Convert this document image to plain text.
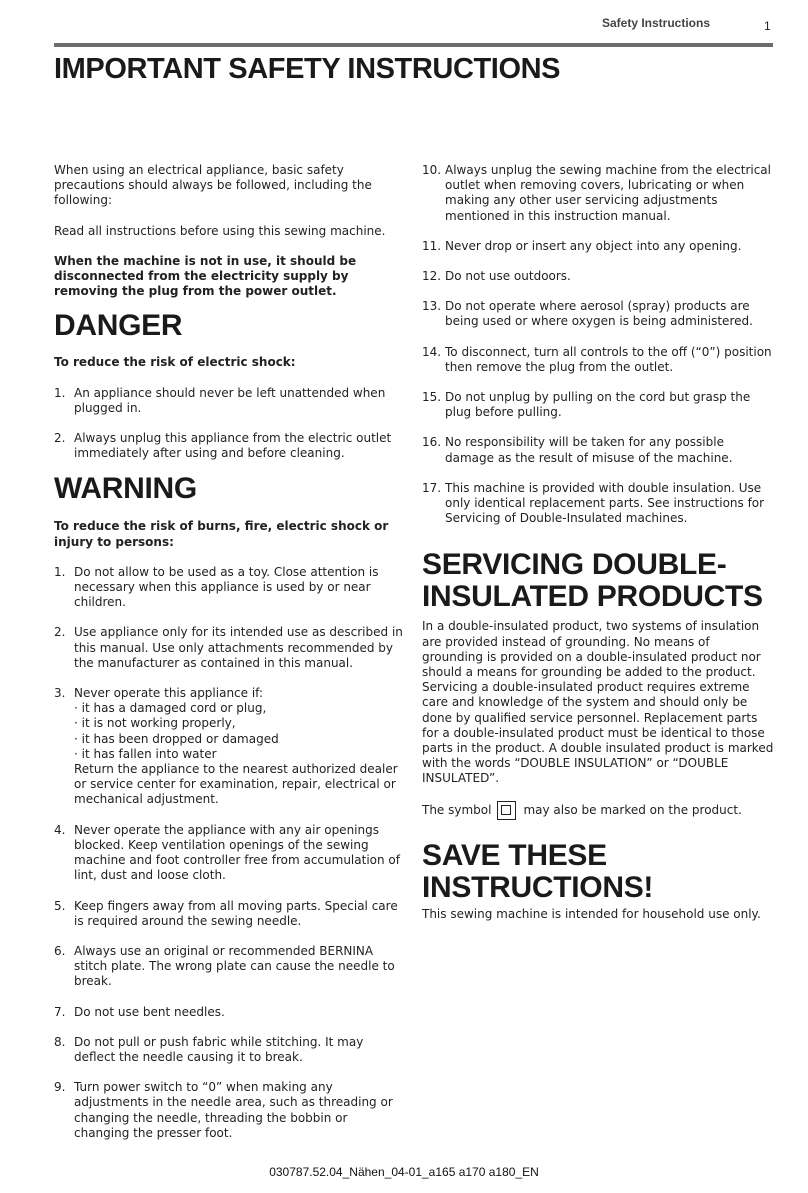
Safety Instructions	1
IMPORTANT SAFETY INSTRUCTIONS

When using an electrical appliance, basic safety precautions should always be followed, including the following:

Read all instructions before using this sewing machine.

When the machine is not in use, it should be disconnected from the electricity supply by removing the plug from the power outlet.

DANGER

To reduce the risk of electric shock:

1. An appliance should never be left unattended when plugged in.
2. Always unplug this appliance from the electric outlet immediately after using and before cleaning.
WARNING

To reduce the risk of burns, fire, electric shock or injury to persons:

1. Do not allow to be used as a toy. Close attention is necessary when this appliance is used by or near children.
2. Use appliance only for its intended use as described in this manual. Use only attachments recommended by the manufacturer as contained in this manual.
3. Never operate this appliance if:
· it has a damaged cord or plug,
· it is not working properly,
· it has been dropped or damaged
· it has fallen into water
Return the appliance to the nearest authorized dealer or service center for examination, repair, electrical or mechanical adjustment.
4. Never operate the appliance with any air openings blocked. Keep ventilation openings of the sewing machine and foot controller free from accumulation of lint, dust and loose cloth.
5. Keep fingers away from all moving parts. Special care is required around the sewing needle.
6. Always use an original or recommended BERNINA stitch plate. The wrong plate can cause the needle to break.
7. Do not use bent needles.
8. Do not pull or push fabric while stitching. It may deflect the needle causing it to break.
9. Turn power switch to “0” when making any adjustments in the needle area, such as threading or changing the needle, threading the bobbin or changing the presser foot.
10. Always unplug the sewing machine from the electrical outlet when removing covers, lubricating or when making any other user servicing adjustments mentioned in this instruction manual.
11. Never drop or insert any object into any opening.
12. Do not use outdoors.
13. Do not operate where aerosol (spray) products are being used or where oxygen is being administered.
14. To disconnect, turn all controls to the off (“0”) position then remove the plug from the outlet.
15. Do not unplug by pulling on the cord but grasp the plug before pulling.
16. No responsibility will be taken for any possible damage as the result of misuse of the machine.
17. This machine is provided with double insulation. Use only identical replacement parts. See instructions for Servicing of Double-Insulated machines.
SERVICING DOUBLE-INSULATED PRODUCTS

In a double-insulated product, two systems of insulation are provided instead of grounding. No means of grounding is provided on a double-insulated product nor should a means for grounding be added to the product. Servicing a double-insulated product requires extreme care and knowledge of the system and should only be done by qualified service personnel. Replacement parts for a double-insulated product must be identical to those parts in the product. A double insulated product is marked with the words “DOUBLE INSULATION” or “DOUBLE INSULATED”.

The symbol	may also be marked on the product.
SAVE THESE INSTRUCTIONS!

This sewing machine is intended for household use only.

030787.52.04_Nähen_04-01_a165 a170 a180_EN
